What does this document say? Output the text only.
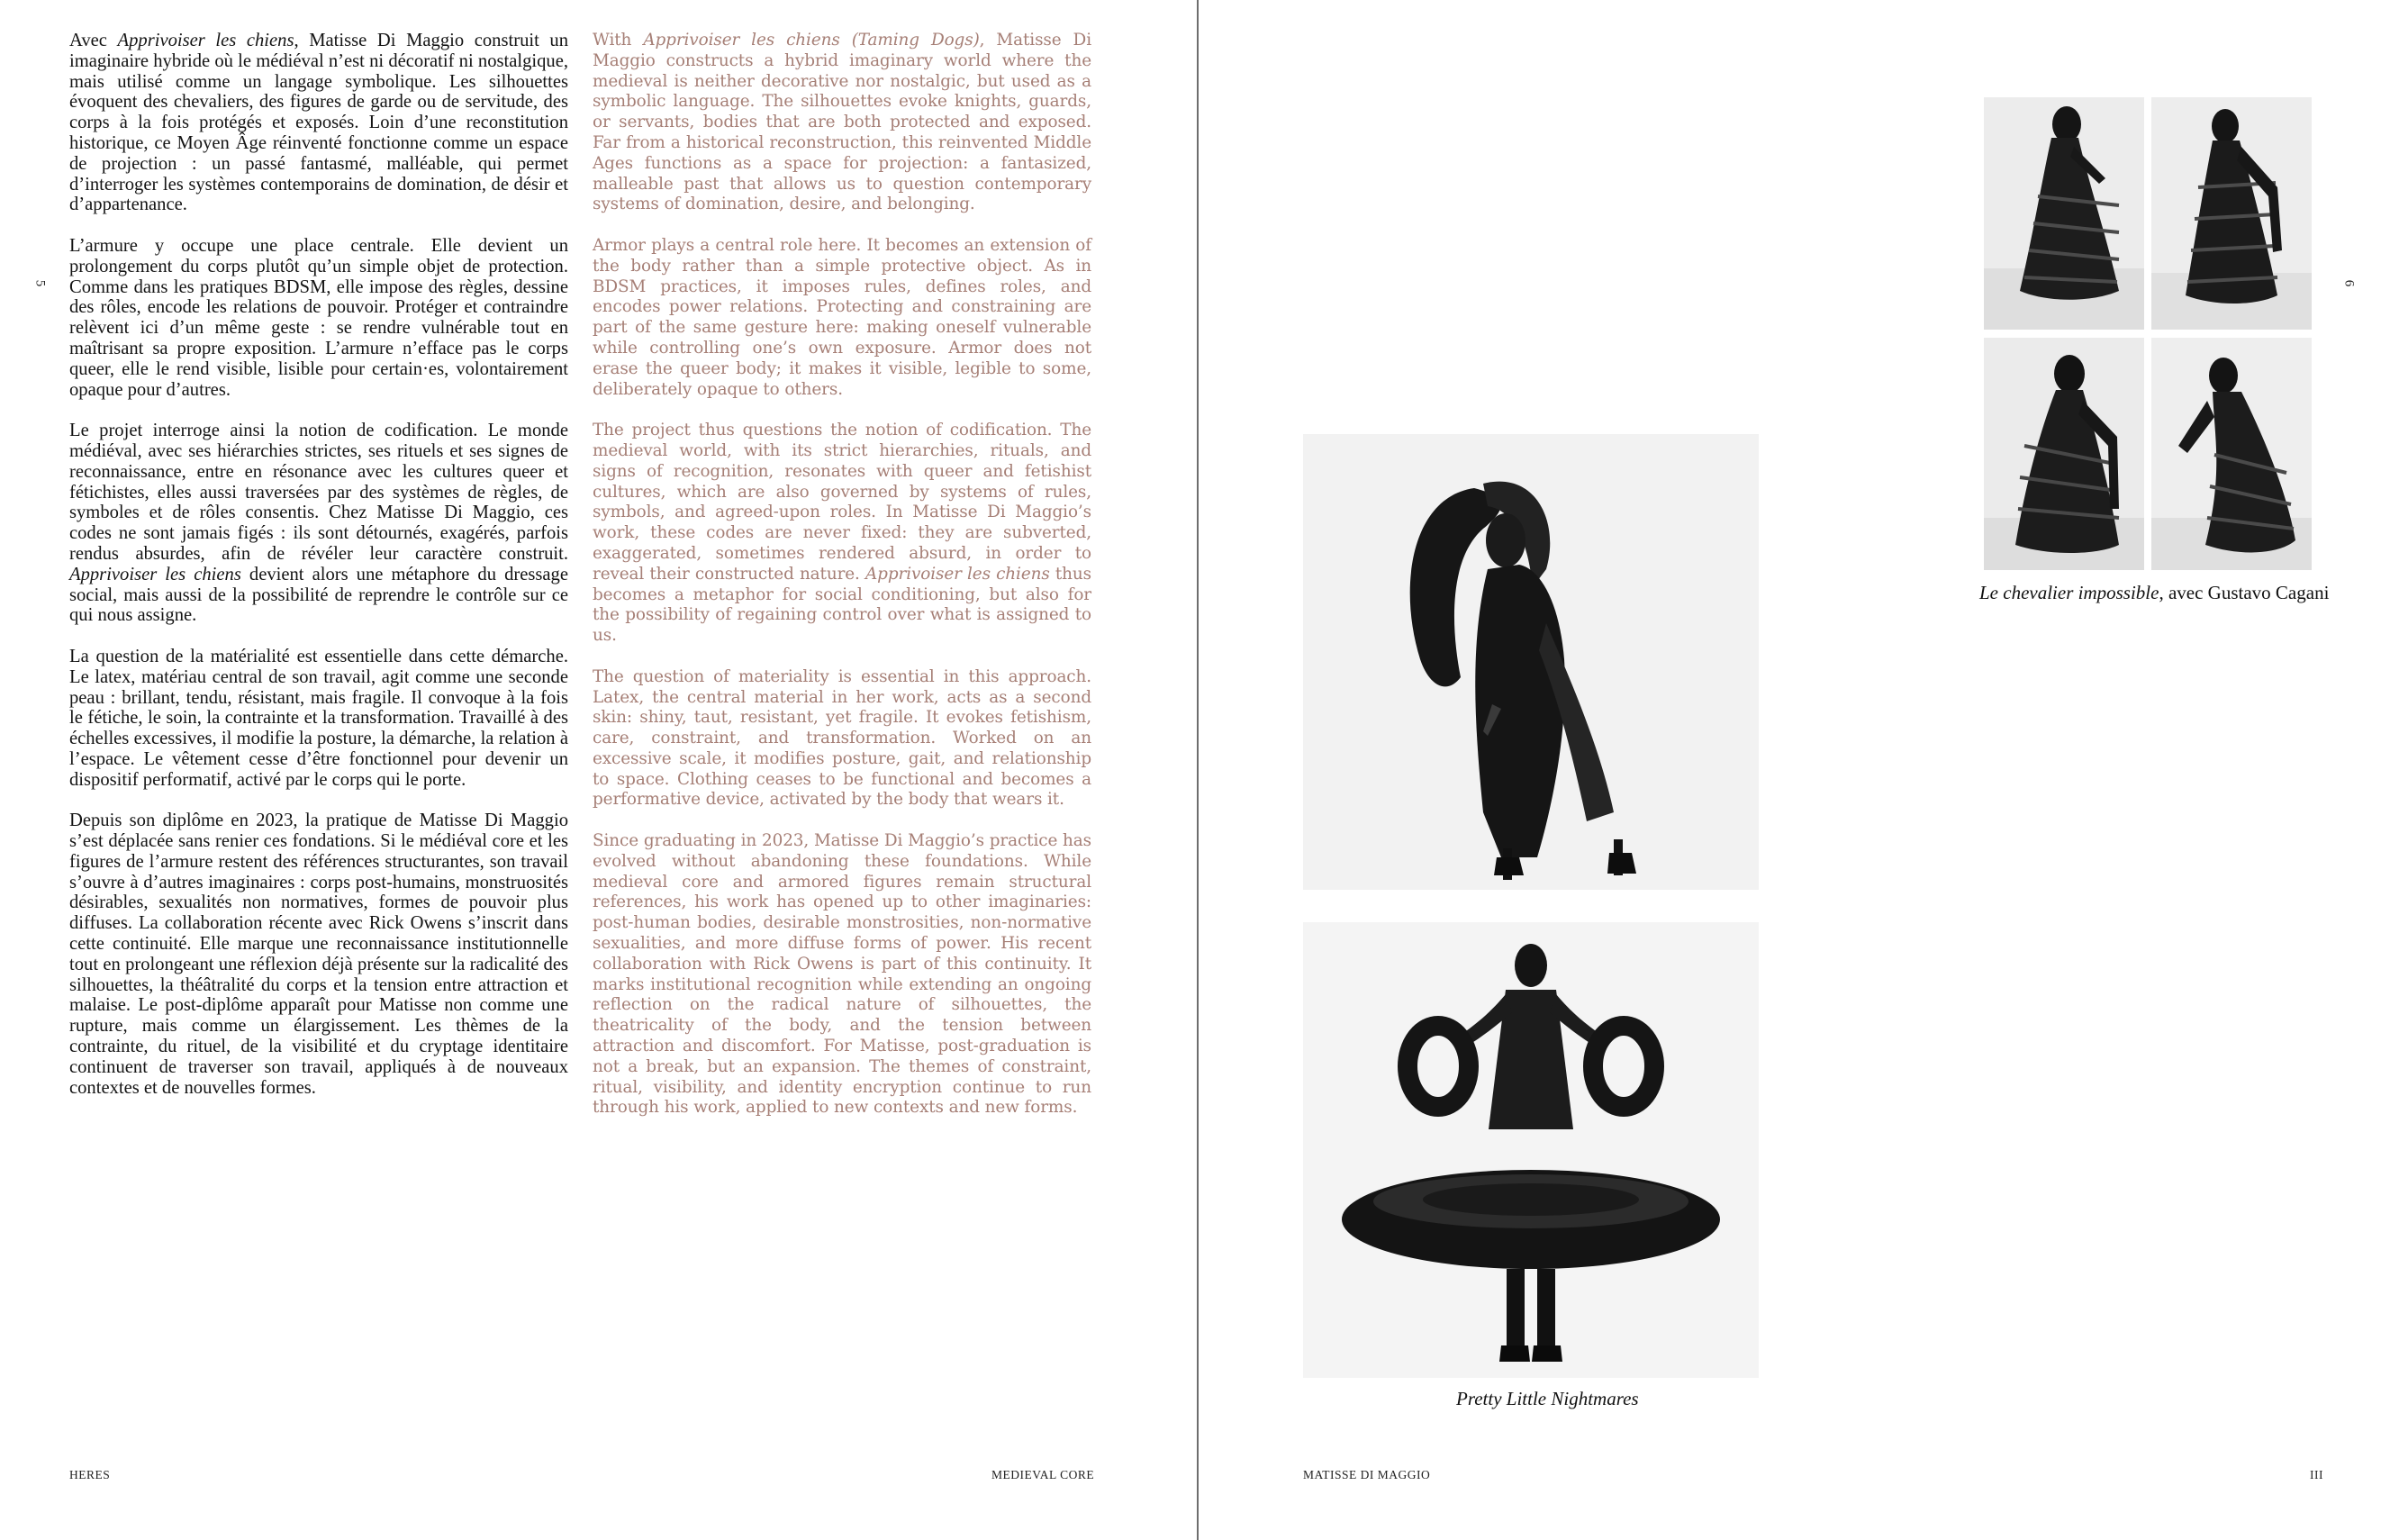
5

Avec Apprivoiser les chiens, Matisse Di Maggio construit un imaginaire hybride où le médiéval n’est ni décoratif ni nostalgique, mais utilisé comme un langage symbolique. Les silhouettes évoquent des chevaliers, des figures de garde ou de servitude, des corps à la fois protégés et exposés. Loin d’une reconstitution historique, ce Moyen Âge réinventé fonctionne comme un espace de projection : un passé fantasmé, malléable, qui permet d’interroger les systèmes contemporains de domination, de désir et d’appartenance.

L’armure y occupe une place centrale. Elle devient un prolongement du corps plutôt qu’un simple objet de protection. Comme dans les pratiques BDSM, elle impose des règles, dessine des rôles, encode les relations de pouvoir. Protéger et contraindre relèvent ici d’un même geste : se rendre vulnérable tout en maîtrisant sa propre exposition. L’armure n’efface pas le corps queer, elle le rend visible, lisible pour certain·es, volontairement opaque pour d’autres.

Le projet interroge ainsi la notion de codification. Le monde médiéval, avec ses hiérarchies strictes, ses rituels et ses signes de reconnaissance, entre en résonance avec les cultures queer et fétichistes, elles aussi traversées par des systèmes de règles, de symboles et de rôles consentis. Chez Matisse Di Maggio, ces codes ne sont jamais figés : ils sont détournés, exagérés, parfois rendus absurdes, afin de révéler leur caractère construit. Apprivoiser les chiens devient alors une métaphore du dressage social, mais aussi de la possibilité de reprendre le contrôle sur ce qui nous assigne.

La question de la matérialité est essentielle dans cette démarche. Le latex, matériau central de son travail, agit comme une seconde peau : brillant, tendu, résistant, mais fragile. Il convoque à la fois le fétiche, le soin, la contrainte et la transformation. Travaillé à des échelles excessives, il modifie la posture, la démarche, la relation à l’espace. Le vêtement cesse d’être fonctionnel pour devenir un dispositif performatif, activé par le corps qui le porte.

Depuis son diplôme en 2023, la pratique de Matisse Di Maggio s’est déplacée sans renier ces fondations. Si le médiéval core et les figures de l’armure restent des références structurantes, son travail s’ouvre à d’autres imaginaires : corps post-humains, monstruosités désirables, sexualités non normatives, formes de pouvoir plus diffuses. La collaboration récente avec Rick Owens s’inscrit dans cette continuité. Elle marque une reconnaissance institutionnelle tout en prolongeant une réflexion déjà présente sur la radicalité des silhouettes, la théâtralité du corps et la tension entre attraction et malaise. Le post-diplôme apparaît pour Matisse non comme une rupture, mais comme un élargissement. Les thèmes de la contrainte, du rituel, de la visibilité et du cryptage identitaire continuent de traverser son travail, appliqués à de nouveaux contextes et de nouvelles formes.

With Apprivoiser les chiens (Taming Dogs), Matisse Di Maggio constructs a hybrid imaginary world where the medieval is neither decorative nor nostalgic, but used as a symbolic language. The silhouettes evoke knights, guards, or servants, bodies that are both protected and exposed. Far from a historical reconstruction, this reinvented Middle Ages functions as a space for projection: a fantasized, malleable past that allows us to question contemporary systems of domination, desire, and belonging.

Armor plays a central role here. It becomes an extension of the body rather than a simple protective object. As in BDSM practices, it imposes rules, defines roles, and encodes power relations. Protecting and constraining are part of the same gesture here: making oneself vulnerable while controlling one’s own exposure. Armor does not erase the queer body; it makes it visible, legible to some, deliberately opaque to others.

The project thus questions the notion of codification. The medieval world, with its strict hierarchies, rituals, and signs of recognition, resonates with queer and fetishist cultures, which are also governed by systems of rules, symbols, and agreed-upon roles. In Matisse Di Maggio’s work, these codes are never fixed: they are subverted, exaggerated, sometimes rendered absurd, in order to reveal their constructed nature. Apprivoiser les chiens thus becomes a metaphor for social conditioning, but also for the possibility of regaining control over what is assigned to us.

The question of materiality is essential in this approach. Latex, the central material in her work, acts as a second skin: shiny, taut, resistant, yet fragile. It evokes fetishism, care, constraint, and transformation. Worked on an excessive scale, it modifies posture, gait, and relationship to space. Clothing ceases to be functional and becomes a performative device, activated by the body that wears it.

Since graduating in 2023, Matisse Di Maggio’s practice has evolved without abandoning these foundations. While medieval core and armored figures remain structural references, his work has opened up to other imaginaries: post-human bodies, desirable monstrosities, non-normative sexualities, and more diffuse forms of power. His recent collaboration with Rick Owens is part of this continuity. It marks institutional recognition while extending an ongoing reflection on the radical nature of silhouettes, the theatricality of the body, and the tension between attraction and discomfort. For Matisse, post-graduation is not a break, but an expansion. The themes of constraint, ritual, visibility, and identity encryption continue to run through his work, applied to new contexts and new forms.

HERES	MEDIEVAL CORE
Pretty Little Nightmares
Le chevalier impossible, avec Gustavo Cagani
6
MATISSE DI MAGGIO	III
